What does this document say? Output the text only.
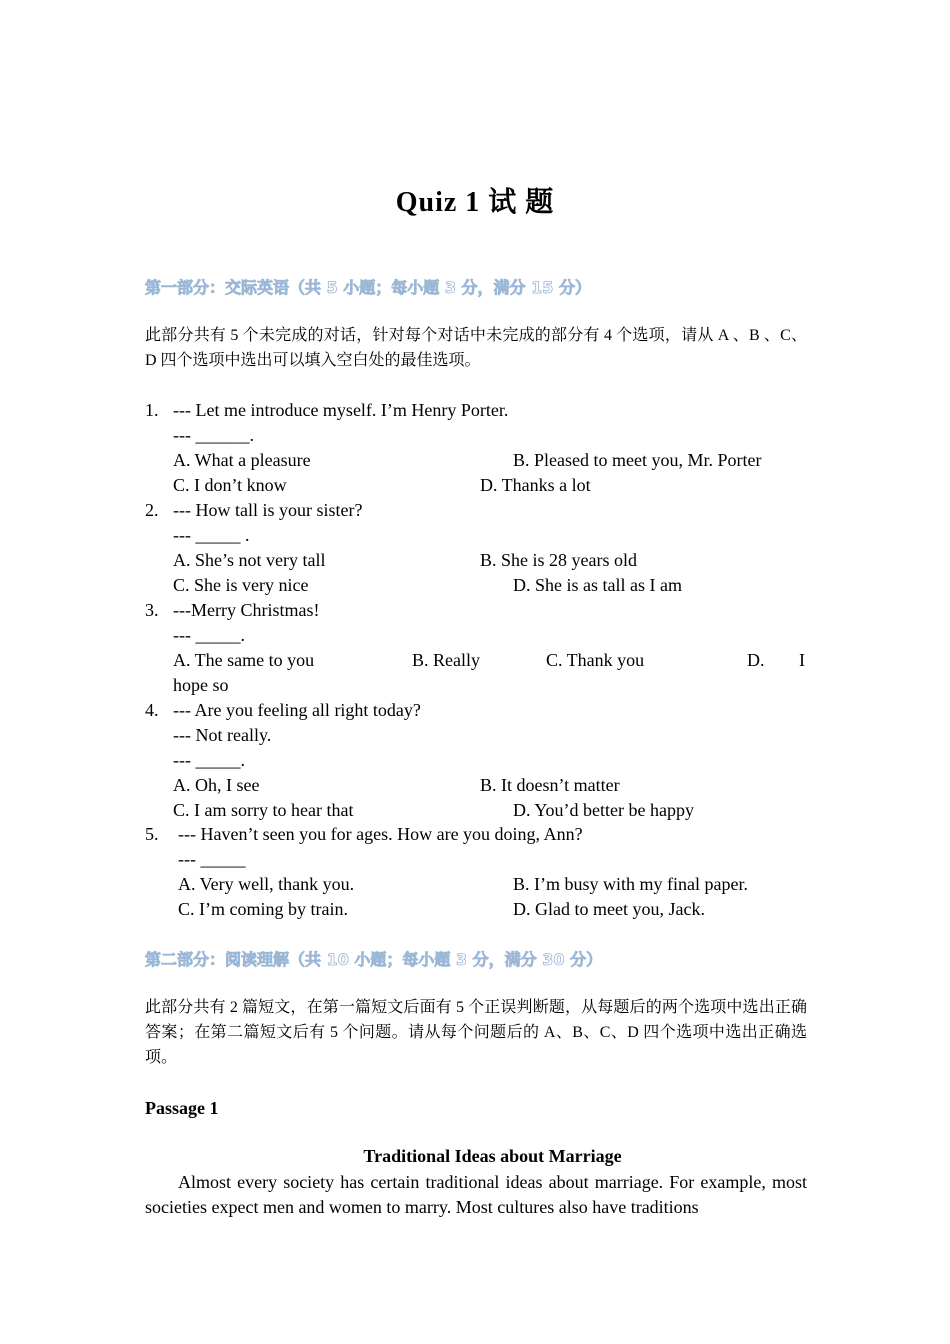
Quiz 1 试 题
第一部分：交际英语（共 5 小题；每小题 3 分，满分 15 分）
此部分共有 5 个未完成的对话，针对每个对话中未完成的部分有 4 个选项，请从 A 、B 、C、D 四个选项中选出可以填入空白处的最佳选项。
1. --- Let me introduce myself. I’m Henry Porter.
--- ______.
A. What a pleasure	B. Pleased to meet you, Mr. Porter
C. I don’t know	D. Thanks a lot
2. --- How tall is your sister?
--- _____ .
A. She’s not very tall	B. She is 28 years old
C. She is very nice	D. She is as tall as I am
3. ---Merry Christmas!
--- _____.
A. The same to you	B. Really	C. Thank you	D. I
hope so
4. --- Are you feeling all right today?
--- Not really.
--- _____.
A. Oh, I see	B. It doesn’t matter
C. I am sorry to hear that	D. You’d better be happy
5. --- Haven’t seen you for ages. How are you doing, Ann?
--- _____
A. Very well, thank you.	B. I’m busy with my final paper.
C. I’m coming by train.	D. Glad to meet you, Jack.
第二部分：阅读理解（共 10 小题；每小题 3 分，满分 30 分）
此部分共有 2 篇短文，在第一篇短文后面有 5 个正误判断题，从每题后的两个选项中选出正确答案；在第二篇短文后有 5 个问题。请从每个问题后的 A、B、C、D 四个选项中选出正确选项。
Passage 1
Traditional Ideas about Marriage
Almost every society has certain traditional ideas about marriage. For example, most societies expect men and women to marry. Most cultures also have traditions
